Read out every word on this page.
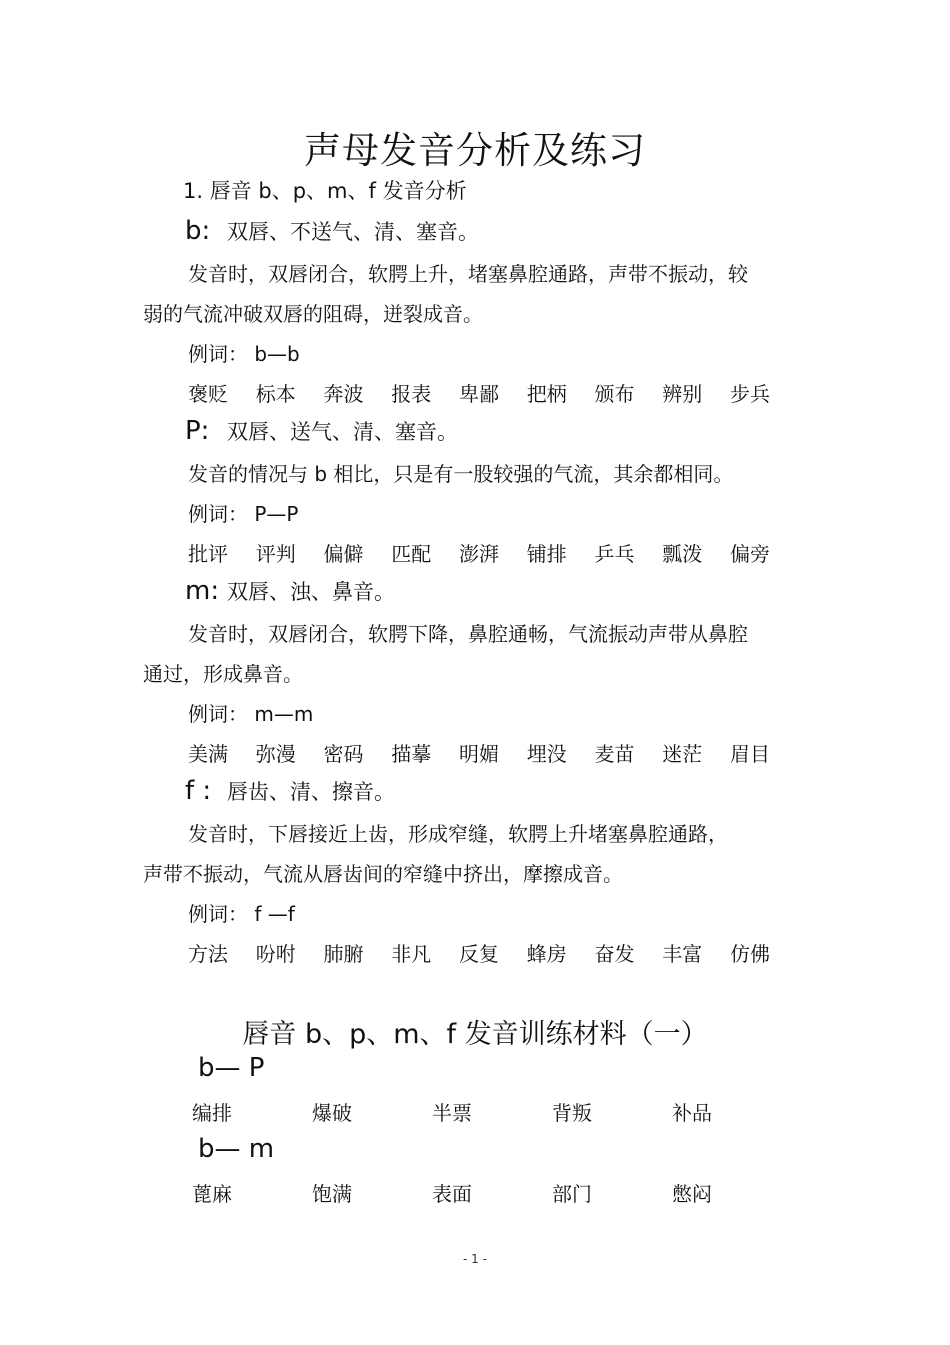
声母发音分析及练习
1. 唇音 b、p、m、f 发音分析
b: 双唇、不送气、清、塞音。
发音时，双唇闭合，软腭上升，堵塞鼻腔通路，声带不振动，较
弱的气流冲破双唇的阻碍，迸裂成音。
例词： b—b
褒贬 标本 奔波 报表 卑鄙 把柄 颁布 辨别 步兵
P: 双唇、送气、清、塞音。
发音的情况与 b 相比，只是有一股较强的气流，其余都相同。
例词： P—P
批评 评判 偏僻 匹配 澎湃 铺排 乒乓 瓢泼 偏旁
m: 双唇、浊、鼻音。
发音时，双唇闭合，软腭下降，鼻腔通畅，气流振动声带从鼻腔
通过，形成鼻音。
例词： m—m
美满 弥漫 密码 描摹 明媚 埋没 麦苗 迷茫 眉目
f : 唇齿、清、擦音。
发音时，下唇接近上齿，形成窄缝，软腭上升堵塞鼻腔通路，
声带不振动，气流从唇齿间的窄缝中挤出，摩擦成音。
例词： f —f
方法 吩咐 肺腑 非凡 反复 蜂房 奋发 丰富 仿佛
唇音 b、p、m、f 发音训练材料（一）
b— P
编排	爆破	半票	背叛	补品
b— m
蓖麻	饱满	表面	部门	憋闷
- 1 -
